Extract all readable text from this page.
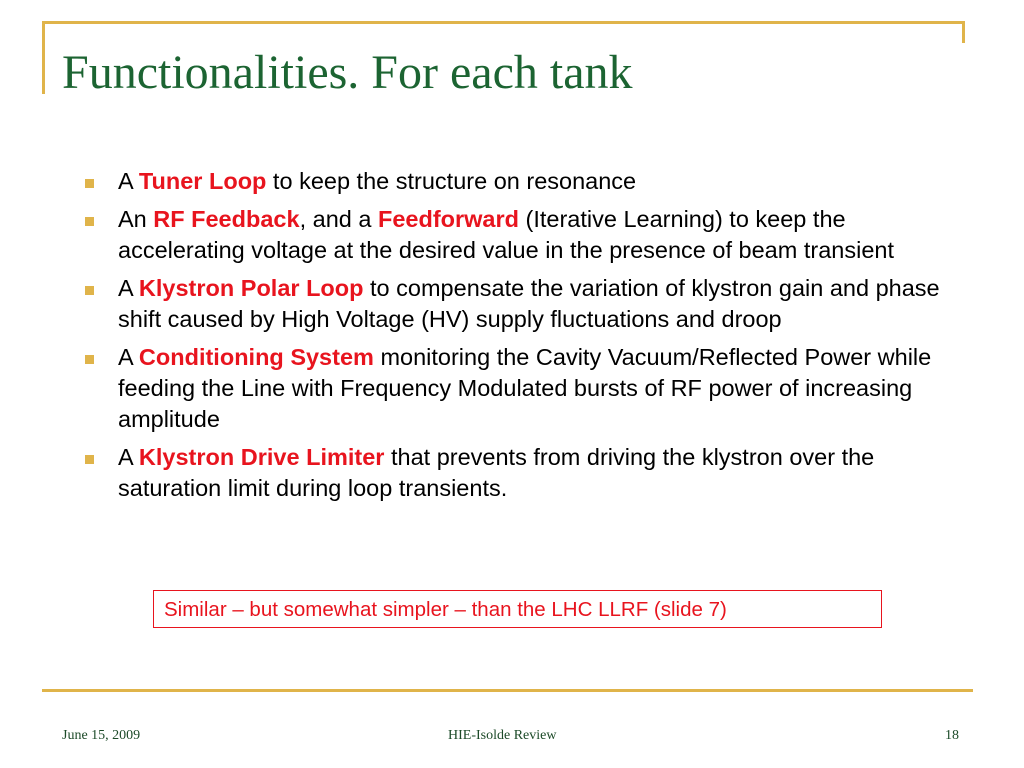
Functionalities. For each tank
A Tuner Loop to keep the structure on resonance
An RF Feedback, and a Feedforward (Iterative Learning) to keep the accelerating voltage at the desired value in the presence of beam transient
A Klystron Polar Loop to compensate the variation of klystron gain and phase shift caused by High Voltage (HV) supply fluctuations and droop
A Conditioning System monitoring the Cavity Vacuum/Reflected Power while feeding the Line with Frequency Modulated bursts of RF power of increasing amplitude
A Klystron Drive Limiter that prevents from driving the klystron over the saturation limit during loop transients.
Similar – but somewhat simpler – than the LHC LLRF (slide 7)
June 15, 2009	HIE-Isolde Review	18
